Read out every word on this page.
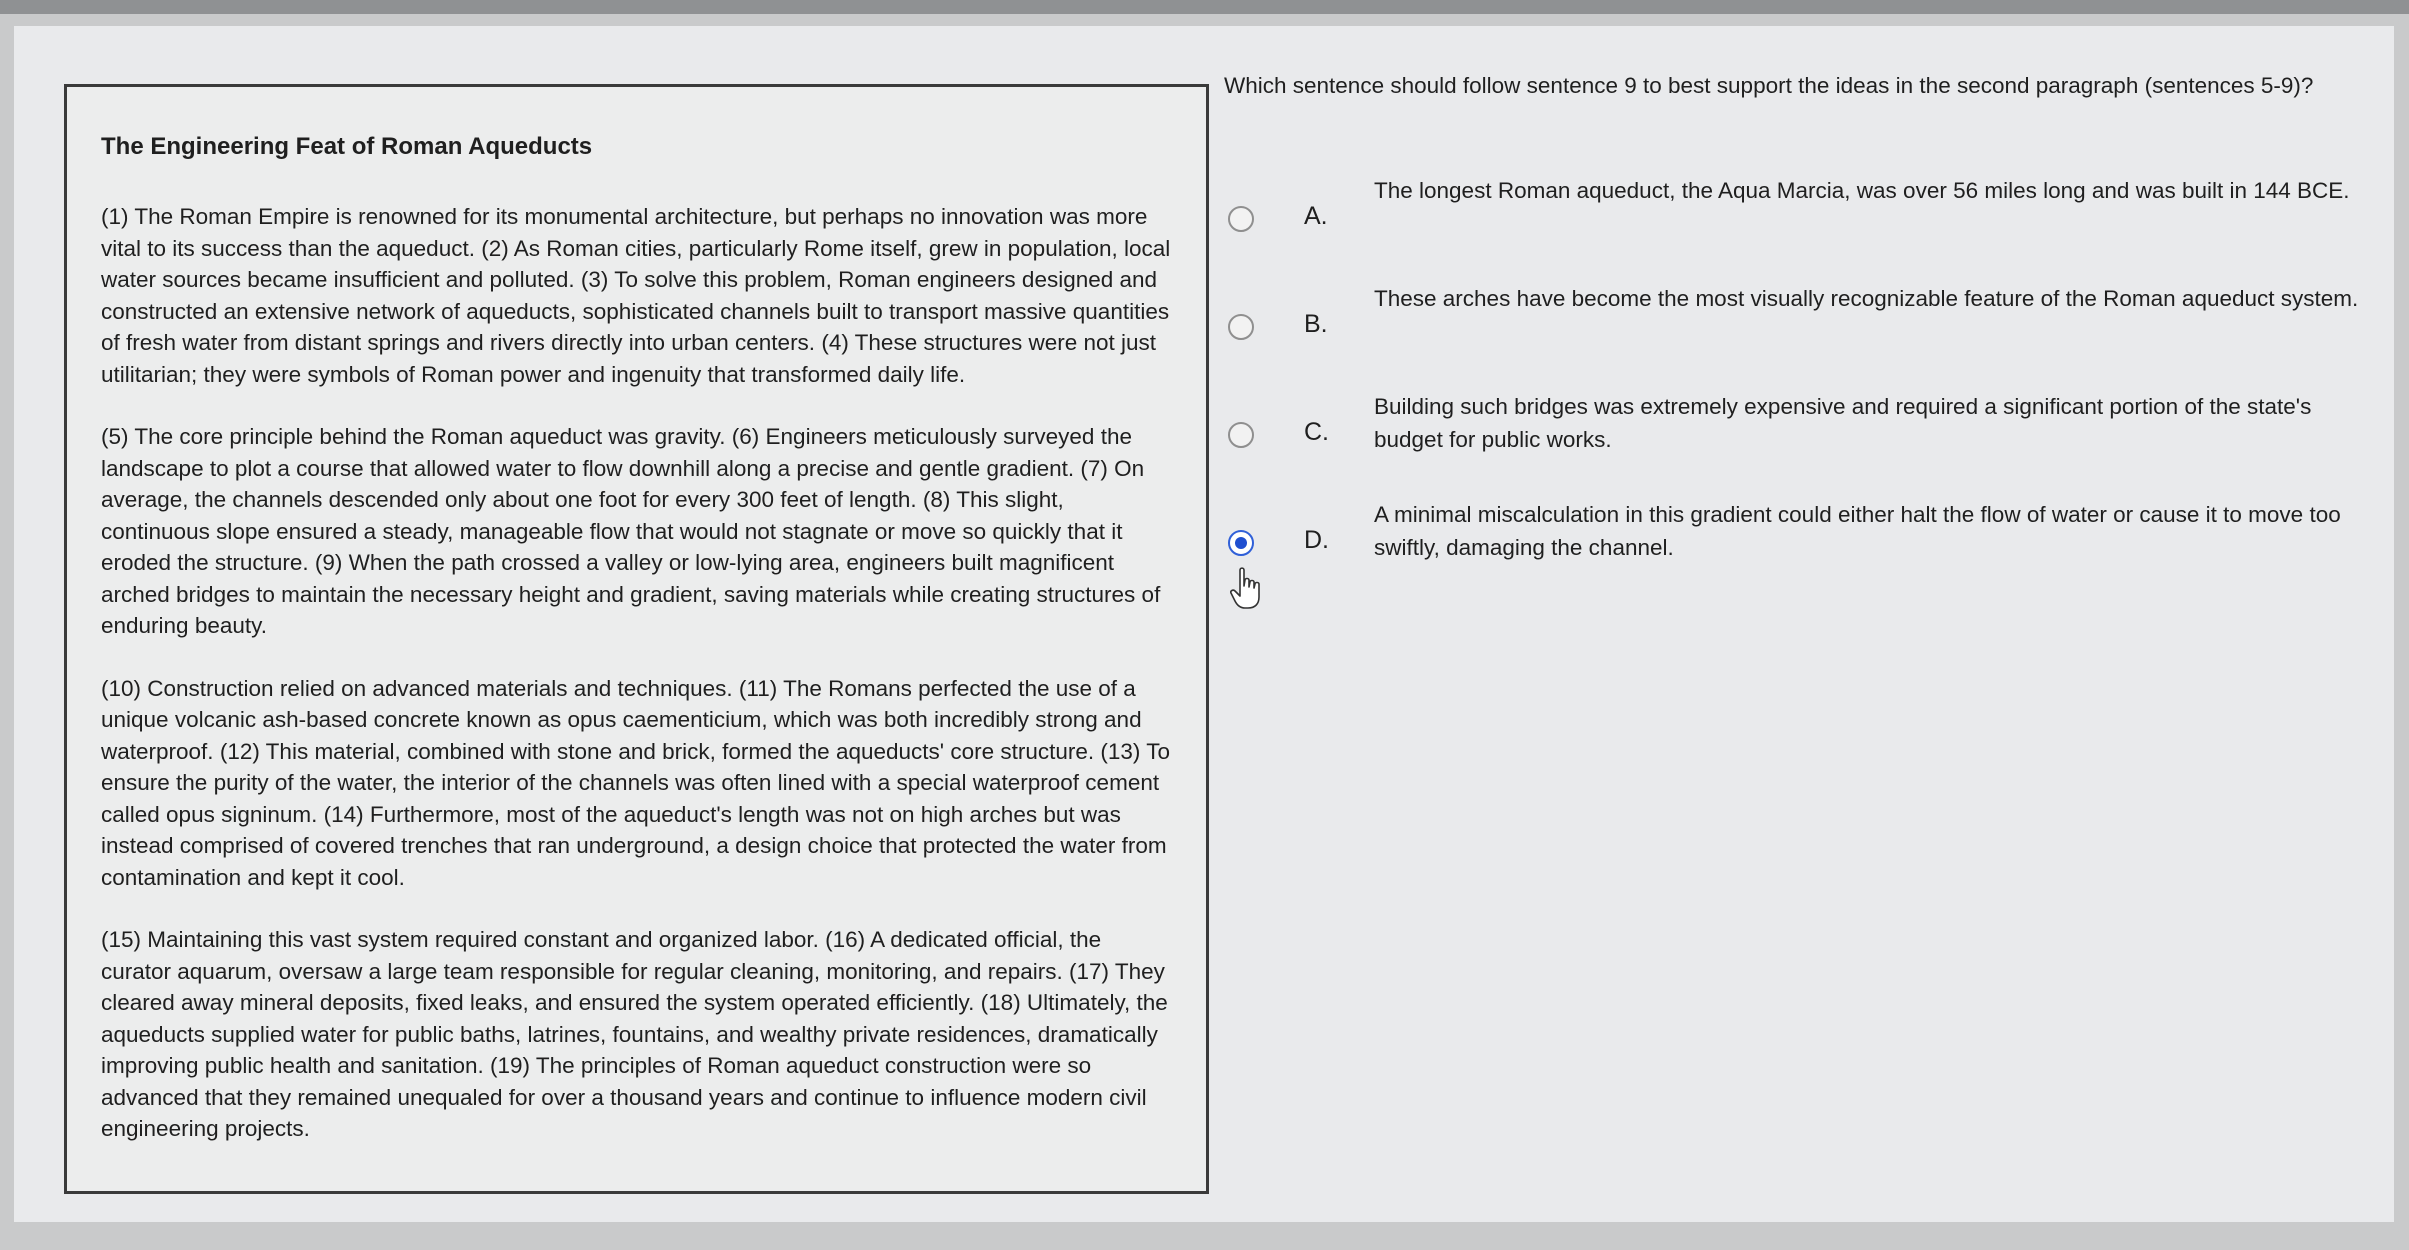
The Engineering Feat of Roman Aqueducts

(1) The Roman Empire is renowned for its monumental architecture, but perhaps no innovation was more vital to its success than the aqueduct. (2) As Roman cities, particularly Rome itself, grew in population, local water sources became insufficient and polluted. (3) To solve this problem, Roman engineers designed and constructed an extensive network of aqueducts, sophisticated channels built to transport massive quantities of fresh water from distant springs and rivers directly into urban centers. (4) These structures were not just utilitarian; they were symbols of Roman power and ingenuity that transformed daily life.

(5) The core principle behind the Roman aqueduct was gravity. (6) Engineers meticulously surveyed the landscape to plot a course that allowed water to flow downhill along a precise and gentle gradient. (7) On average, the channels descended only about one foot for every 300 feet of length. (8) This slight, continuous slope ensured a steady, manageable flow that would not stagnate or move so quickly that it eroded the structure. (9) When the path crossed a valley or low-lying area, engineers built magnificent arched bridges to maintain the necessary height and gradient, saving materials while creating structures of enduring beauty.

(10) Construction relied on advanced materials and techniques. (11) The Romans perfected the use of a unique volcanic ash-based concrete known as opus caementicium, which was both incredibly strong and waterproof. (12) This material, combined with stone and brick, formed the aqueducts' core structure. (13) To ensure the purity of the water, the interior of the channels was often lined with a special waterproof cement called opus signinum. (14) Furthermore, most of the aqueduct's length was not on high arches but was instead comprised of covered trenches that ran underground, a design choice that protected the water from contamination and kept it cool.

(15) Maintaining this vast system required constant and organized labor. (16) A dedicated official, the curator aquarum, oversaw a large team responsible for regular cleaning, monitoring, and repairs. (17) They cleared away mineral deposits, fixed leaks, and ensured the system operated efficiently. (18) Ultimately, the aqueducts supplied water for public baths, latrines, fountains, and wealthy private residences, dramatically improving public health and sanitation. (19) The principles of Roman aqueduct construction were so advanced that they remained unequaled for over a thousand years and continue to influence modern civil engineering projects.

Which sentence should follow sentence 9 to best support the ideas in the second paragraph (sentences 5-9)?
A.
The longest Roman aqueduct, the Aqua Marcia, was over 56 miles long and was built in 144 BCE.
B.
These arches have become the most visually recognizable feature of the Roman aqueduct system.
C.
Building such bridges was extremely expensive and required a significant portion of the state's budget for public works.
D.
A minimal miscalculation in this gradient could either halt the flow of water or cause it to move too swiftly, damaging the channel.
